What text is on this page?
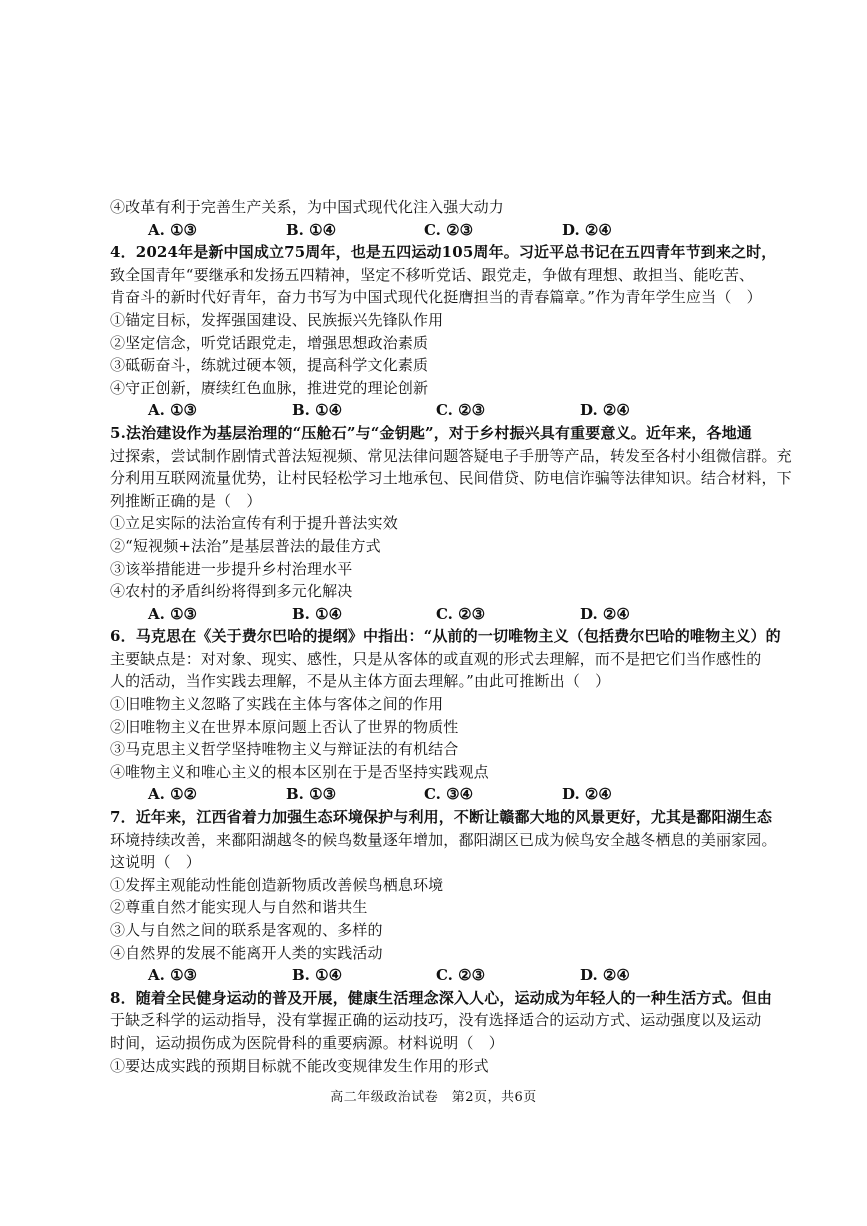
④改革有利于完善生产关系，为中国式现代化注入强大动力
A. ①③	B. ①④	C. ②③	D. ②④
4．2024年是新中国成立75周年，也是五四运动105周年。习近平总书记在五四青年节到来之时，
致全国青年“要继承和发扬五四精神，坚定不移听党话、跟党走，争做有理想、敢担当、能吃苦、
肯奋斗的新时代好青年，奋力书写为中国式现代化挺膺担当的青春篇章。”作为青年学生应当（　）
①锚定目标，发挥强国建设、民族振兴先锋队作用
②坚定信念，听党话跟党走，增强思想政治素质
③砥砺奋斗，练就过硬本领，提高科学文化素质
④守正创新，赓续红色血脉，推进党的理论创新
A. ①③	B. ①④	C. ②③	D. ②④
5.法治建设作为基层治理的“压舱石”与“金钥匙”，对于乡村振兴具有重要意义。近年来，各地通
过探索，尝试制作剧情式普法短视频、常见法律问题答疑电子手册等产品，转发至各村小组微信群。充
分利用互联网流量优势，让村民轻松学习土地承包、民间借贷、防电信诈骗等法律知识。结合材料，下
列推断正确的是（　）
①立足实际的法治宣传有利于提升普法实效
②“短视频+法治”是基层普法的最佳方式
③该举措能进一步提升乡村治理水平
④农村的矛盾纠纷将得到多元化解决
A. ①③	B. ①④	C. ②③	D. ②④
6．马克思在《关于费尔巴哈的提纲》中指出：“从前的一切唯物主义（包括费尔巴哈的唯物主义）的
主要缺点是：对对象、现实、感性，只是从客体的或直观的形式去理解，而不是把它们当作感性的
人的活动，当作实践去理解，不是从主体方面去理解。”由此可推断出（　）
①旧唯物主义忽略了实践在主体与客体之间的作用
②旧唯物主义在世界本原问题上否认了世界的物质性
③马克思主义哲学坚持唯物主义与辩证法的有机结合
④唯物主义和唯心主义的根本区别在于是否坚持实践观点
A. ①②	B. ①③	C. ③④	D. ②④
7．近年来，江西省着力加强生态环境保护与利用，不断让赣鄱大地的风景更好，尤其是鄱阳湖生态
环境持续改善，来鄱阳湖越冬的候鸟数量逐年增加，鄱阳湖区已成为候鸟安全越冬栖息的美丽家园。
这说明（　）
①发挥主观能动性能创造新物质改善候鸟栖息环境
②尊重自然才能实现人与自然和谐共生
③人与自然之间的联系是客观的、多样的
④自然界的发展不能离开人类的实践活动
A. ①③	B. ①④	C. ②③	D. ②④
8．随着全民健身运动的普及开展，健康生活理念深入人心，运动成为年轻人的一种生活方式。但由
于缺乏科学的运动指导，没有掌握正确的运动技巧，没有选择适合的运动方式、运动强度以及运动
时间，运动损伤成为医院骨科的重要病源。材料说明（　）
①要达成实践的预期目标就不能改变规律发生作用的形式
高二年级政治试卷　第2页，共6页
